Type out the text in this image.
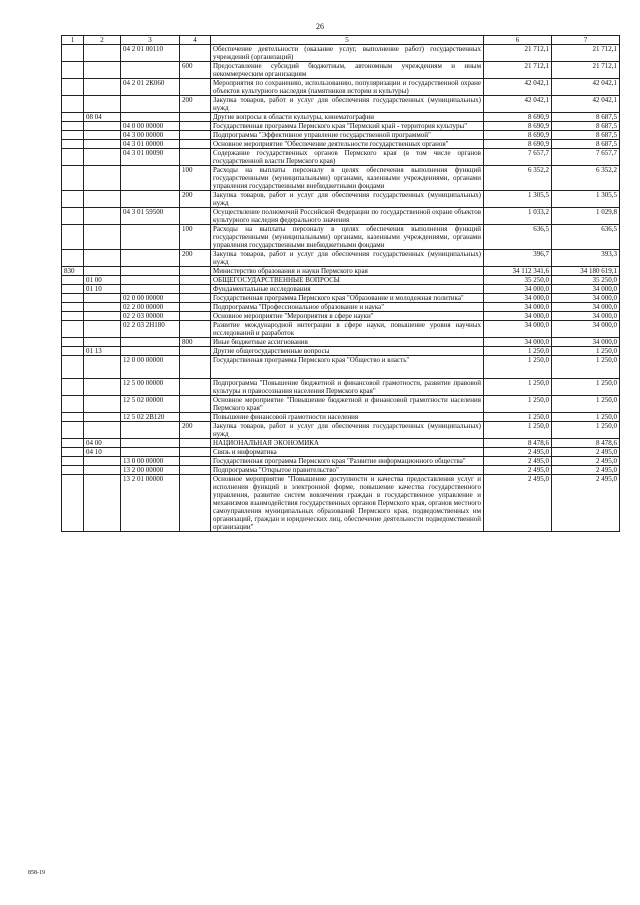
26
1	2	3	4	5	6	7
		04 2 01 00110		Обеспечение деятельности (оказание услуг, выполнение работ) государственных учреждений (организаций)	21 712,1	21 712,1
			600	Предоставление субсидий бюджетным, автономным учреждениям и иным некоммерческим организациям	21 712,1	21 712,1
		04 2 01 2К060		Мероприятия по сохранению, использованию, популяризации и государственной охране объектов культурного наследия (памятников истории и культуры)	42 042,1	42 042,1
			200	Закупка товаров, работ и услуг для обеспечения государственных (муниципальных) нужд	42 042,1	42 042,1
	08 04			Другие вопросы в области культуры, кинематографии	8 690,9	8 687,5
		04 0 00 00000		Государственная программа Пермского края "Пермский край - территория культуры"	8 690,9	8 687,5
		04 3 00 00000		Подпрограмма "Эффективное управление государственной программой"	8 690,9	8 687,5
		04 3 01 00000		Основное мероприятие "Обеспечение деятельности государственных органов"	8 690,9	8 687,5
		04 3 01 00090		Содержание государственных органов Пермского края (в том числе органов государственной власти Пермского края)	7 657,7	7 657,7
			100	Расходы на выплаты персоналу в целях обеспечения выполнения функций государственными (муниципальными) органами, казенными учреждениями, органами управления государственными внебюджетными фондами	6 352,2	6 352,2
			200	Закупка товаров, работ и услуг для обеспечения государственных (муниципальных) нужд	1 305,5	1 305,5
		04 3 01 59500		Осуществление полномочий Российской Федерации по государственной охране объектов культурного наследия федерального значения	1 033,2	1 029,8
			100	Расходы на выплаты персоналу в целях обеспечения выполнения функций государственными (муниципальными) органами, казенными учреждениями, органами управления государственными внебюджетными фондами	636,5	636,5
			200	Закупка товаров, работ и услуг для обеспечения государственных (муниципальных) нужд	396,7	393,3
830				Министерство образования и науки Пермского края	34 112 341,6	34 180 619,1
	01 00			ОБЩЕГОСУДАРСТВЕННЫЕ ВОПРОСЫ	35 250,0	35 250,0
	01 10			Фундаментальные исследования	34 000,0	34 000,0
		02 0 00 00000		Государственная программа Пермского края "Образование и молодежная политика"	34 000,0	34 000,0
		02 2 00 00000		Подпрограмма "Профессиональное образование и наука"	34 000,0	34 000,0
		02 2 03 00000		Основное мероприятие "Мероприятия в сфере науки"	34 000,0	34 000,0
		02 2 03 2Н180		Развитие международной интеграции в сфере науки, повышение уровня научных исследований и разработок	34 000,0	34 000,0
			800	Иные бюджетные ассигнования	34 000,0	34 000,0
	01 13			Другие общегосударственные вопросы	1 250,0	1 250,0
		12 0 00 00000		Государственная программа Пермского края "Общество и власть"	1 250,0	1 250,0
		12 5 00 00000		Подпрограмма "Повышение бюджетной и финансовой грамотности, развитие правовой культуры и правосознания населения Пермского края"	1 250,0	1 250,0
		12 5 02 00000		Основное мероприятие "Повышение бюджетной и финансовой грамотности населения Пермского края"	1 250,0	1 250,0
		12 5 02 2В120		Повышение финансовой грамотности населения	1 250,0	1 250,0
			200	Закупка товаров, работ и услуг для обеспечения государственных (муниципальных) нужд	1 250,0	1 250,0
	04 00			НАЦИОНАЛЬНАЯ ЭКОНОМИКА	8 478,6	8 478,6
	04 10			Связь и информатика	2 495,0	2 495,0
		13 0 00 00000		Государственная программа Пермского края "Развитие информационного общества"	2 495,0	2 495,0
		13 2 00 00000		Подпрограмма "Открытое правительство"	2 495,0	2 495,0
		13 2 01 00000		Основное мероприятие "Повышение доступности и качества предоставления услуг и исполнения функций в электронной форме, повышение качества государственного управления, развитие систем вовлечения граждан в государственное управление и механизмов взаимодействия государственных органов Пермского края, органов местного самоуправления муниципальных образований Пермского края, подведомственных им организаций, граждан и юридических лиц, обеспечение деятельности подведомственной организации"	2 495,0	2 495,0
858-19
